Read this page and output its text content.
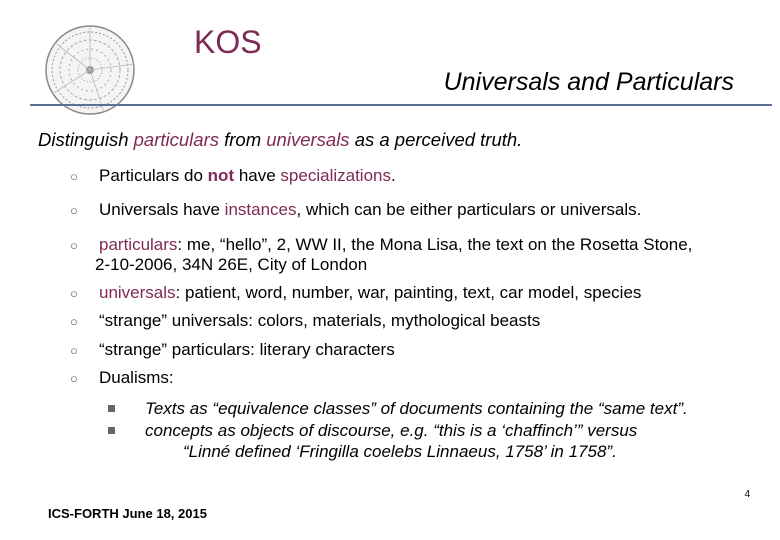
KOS
Universals and Particulars
Distinguish particulars from universals as a perceived truth.
○ Particulars do not have specializations.
○ Universals have instances, which can be either particulars or universals.
○ particulars: me, “hello”, 2, WW II, the Mona Lisa, the text on the Rosetta Stone,
2-10-2006, 34N 26E, City of London
○ universals: patient, word, number, war, painting, text, car model, species
○ “strange” universals: colors, materials, mythological beasts
○ “strange” particulars: literary characters
○ Dualisms:
Texts as “equivalence classes” of documents containing the “same text”.
concepts as objects of discourse, e.g. “this is a ‘chaffinch’” versus
“Linné defined ‘Fringilla coelebs Linnaeus, 1758’ in 1758”.
ICS-FORTH June 18, 2015
4
